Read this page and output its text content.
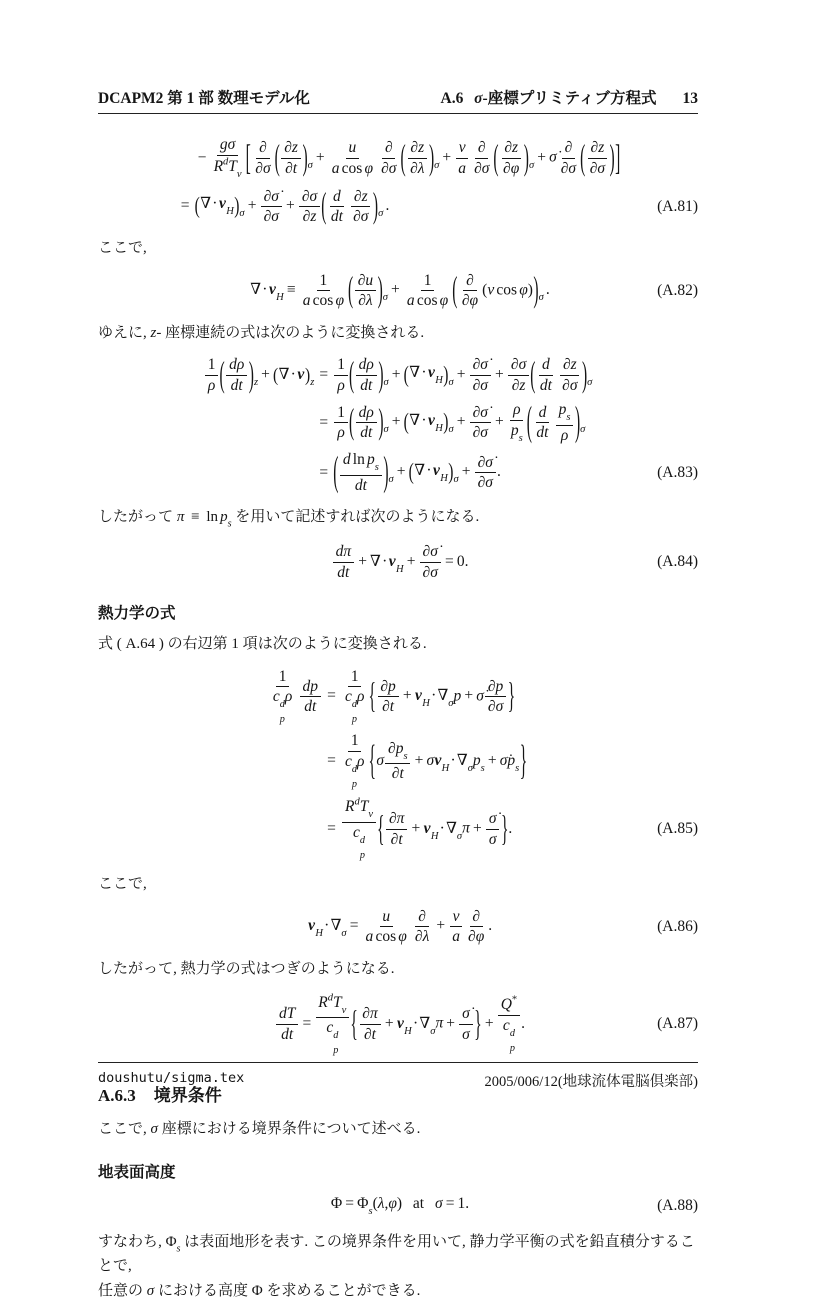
DCAPM2 第 1 部 数理モデル化	A.6 σ-座標プリミティブ方程式 13
− $\frac{g\sigma}{R^dT_v}$ [ $\frac{\partial}{\partial\sigma}$ ( $\frac{\partial z}{\partial t}$ ) $_\sigma + \frac{u}{\text{a cos φ}} \frac{\partial}{\partial\sigma}$ ( $\frac{\partial z}{\partial\lambda}$ ) $_\sigma + \frac{v}{a} \frac{\partial}{\partial\sigma}$ ( $\frac{\partial z}{\partial\varphi}$ ) $_\sigma$ + σ̇ $\frac{\partial}{\partial\sigma}$ ( $\frac{\partial z}{\partial\sigma}$ ) ]
= ( $\nabla\cdot v_H$ ) $_\sigma + \frac{\partial\sigmȧ}{\partial\sigma} + \frac{\partial\sigma}{\partial z}$ ( $\frac{d}{dt} \frac{\partial z}{\partial\sigma}$ ) $_\sigma$ .	(A.81)

ここで,

$\nabla\cdot v_H \equiv \frac{1}{\text{a cos φ}}$ ( $\frac{\partial u}{\partial\lambda}$ ) $_\sigma + \frac{1}{\text{a cos φ}}$ ( $\frac{\partial}{\partial\varphi} (v$ cos φ) ) $_\sigma$ .	(A.82)

ゆえに, z- 座標連続の式は次のように変換される.

$\frac{1}{\rho}$ ( $\frac{d\rho}{dt}$ ) $_z$ + ( ∇·v ) $_z = \frac{1}{\rho}$ ( $\frac{d\rho}{dt}$ ) $_\sigma$ + ( $\nabla\cdot v_H$ ) $_\sigma + \frac{\partial\sigmȧ}{\partial\sigma} + \frac{\partial\sigma}{\partial z}$ ( $\frac{d}{dt} \frac{\partial z}{\partial\sigma}$ ) $_\sigma$
= $\frac{1}{\rho}$ ( $\frac{d\rho}{dt}$ ) $_\sigma$ + ( $\nabla\cdot v_H$ ) $_\sigma + \frac{\partial\sigmȧ}{\partial\sigma} + \frac{\rho}{p_s}$ ( $\frac{d}{dt} \frac{p_s}{\rho}$ ) $_\sigma$
= ( $\frac{d \ln p_s}{dt}$ ) $_\sigma$ + ( $\nabla\cdot v_H$ ) $_\sigma + \frac{\partial\sigmȧ}{\partial\sigma}$ .	(A.83)

したがって $\pi \equiv \ln p_s$ を用いて記述すれば次のようになる.

$\frac{d\pi}{dt} + \nabla\cdot v_H + \frac{\partial\sigmȧ}{\partial\sigma} = 0$.	(A.84)
熱力学の式

式 ( A.64 ) の右辺第 1 項は次のように変換される.

1
c d
p
ρ $\frac{dp}{dt} = 1$
c d
p
ρ { $\frac{\partial p}{\partial t} + v_H\cdot\nabla_\sigma p$ + σ̇ $\frac{\partial p}{\partial\sigma}$ }
= 1
c d
p
ρ { σ $\frac{\partial p_s}{\partial t} + \sigma v_H\cdot\nabla_\sigma p_s$ + $\sigmȧp_s$ }
= $R^dT_v$
c d
p { $\frac{\partial\pi}{\partial t} + v_H\cdot\nabla_\sigma\pi + \frac{\sigmȧ}{\sigma}$ } .	(A.85)

ここで,

$v_H\cdot\nabla_\sigma = \frac{u}{\text{a cos φ}} \frac{\partial}{\partial\lambda} + \frac{v}{a} \frac{\partial}{\partial\varphi}$ .	(A.86)

したがって, 熱力学の式はつぎのようになる.

$\frac{dT}{dt} = R^dT_v$
c d
p { $\frac{\partial\pi}{\partial t} + v_H\cdot\nabla_\sigma\pi + \frac{\sigmȧ}{\sigma}$ } + Q*
c d
p .	(A.87)
A.6.3 境界条件

ここで, σ 座標における境界条件について述べる.

地表面高度
$\Phi = \Phi_s(\lambda,\varphi)$ at σ = 1.	(A.88)

すなわち, $\Phi_s$ は表面地形を表す. この境界条件を用いて, 静力学平衡の式を鉛直積分することで,

任意の σ における高度 Φ を求めることができる.

doushutu/sigma.tex	2005/006/12(地球流体電脳倶楽部)
